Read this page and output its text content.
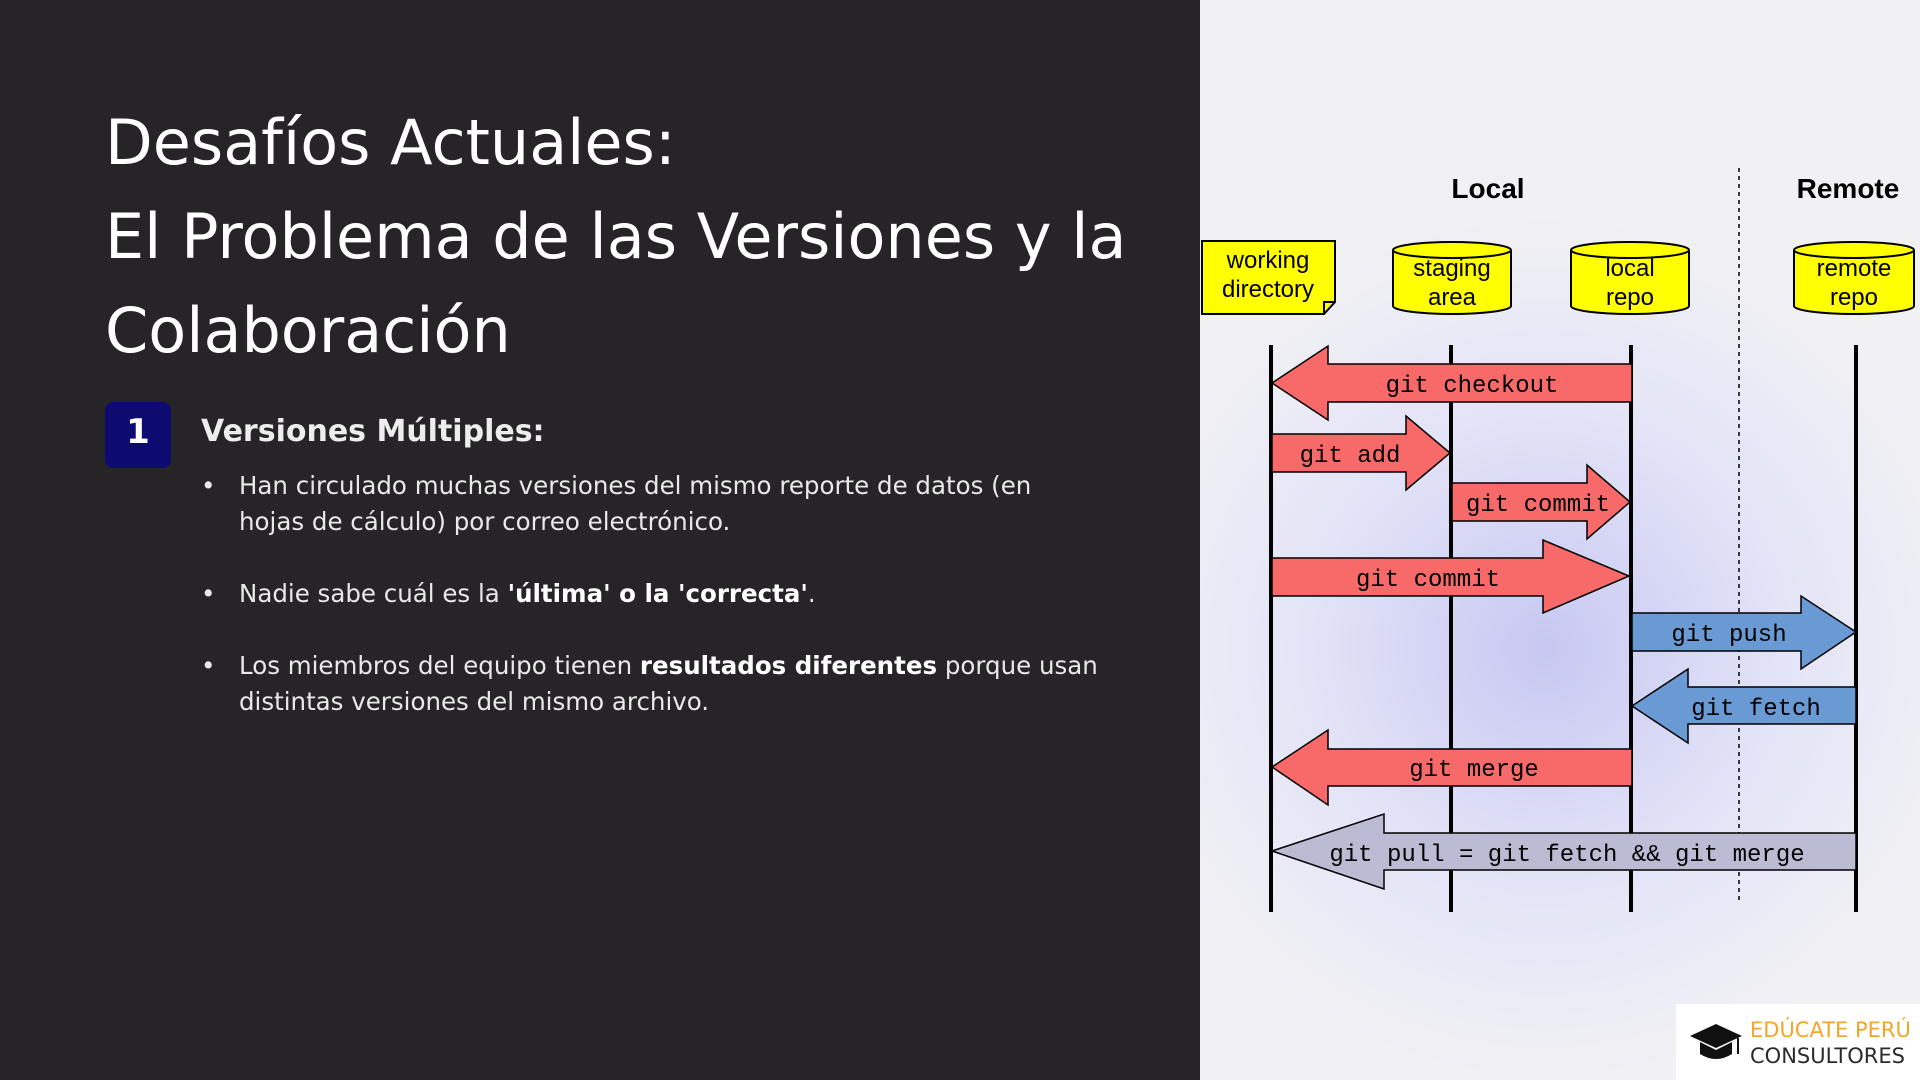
Desafíos Actuales:
El Problema de las Versiones y la
Colaboración
1	Versiones Múltiples:
• Han circulado muchas versiones del mismo reporte de datos (en hojas de cálculo) por correo electrónico.
• Nadie sabe cuál es la 'última' o la 'correcta'.
• Los miembros del equipo tienen resultados diferentes porque usan distintas versiones del mismo archivo.
Local	Remote
working
directory
staging
area
local
repo
remote
repo
git checkout
git add
git commit
git commit
git push
git fetch
git merge
git pull = git fetch && git merge
EDÚCATE PERÚ
CONSULTORES
